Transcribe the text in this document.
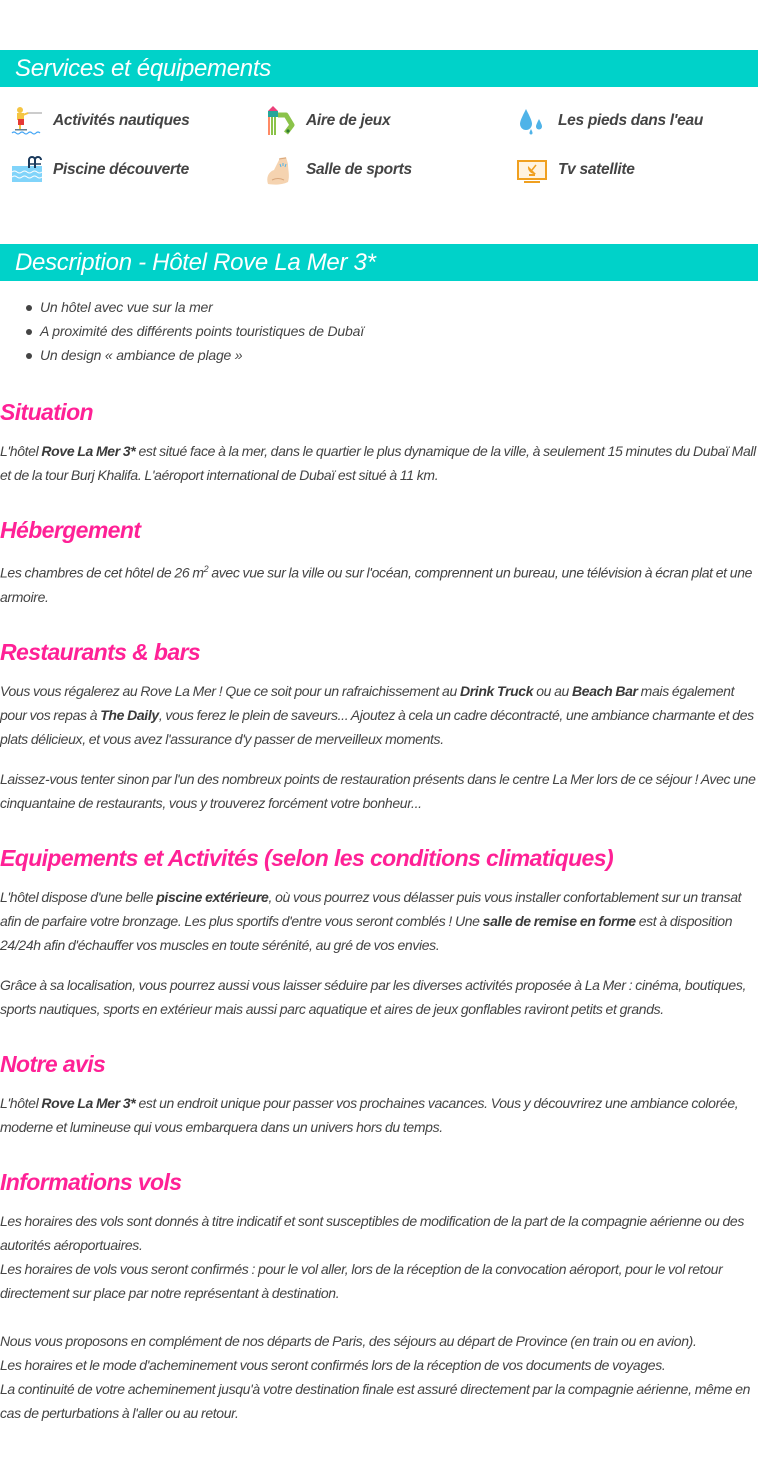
Services et équipements
Activités nautiques	Aire de jeux	Les pieds dans l'eau
Piscine découverte	Salle de sports	Tv satellite
Description - Hôtel Rove La Mer 3*
Un hôtel avec vue sur la mer
A proximité des différents points touristiques de Dubaï
Un design « ambiance de plage »
Situation

L'hôtel Rove La Mer 3* est situé face à la mer, dans le quartier le plus dynamique de la ville, à seulement 15 minutes du Dubaï Mall et de la tour Burj Khalifa. L'aéroport international de Dubaï est situé à 11 km.

Hébergement

Les chambres de cet hôtel de 26 $m^2$ avec vue sur la ville ou sur l'océan, comprennent un bureau, une télévision à écran plat et une armoire.

Restaurants & bars

Vous vous régalerez au Rove La Mer ! Que ce soit pour un rafraichissement au Drink Truck ou au Beach Bar mais également pour vos repas à The Daily, vous ferez le plein de saveurs... Ajoutez à cela un cadre décontracté, une ambiance charmante et des plats délicieux, et vous avez l'assurance d'y passer de merveilleux moments.

Laissez-vous tenter sinon par l'un des nombreux points de restauration présents dans le centre La Mer lors de ce séjour ! Avec une cinquantaine de restaurants, vous y trouverez forcément votre bonheur...

Equipements et Activités (selon les conditions climatiques)

L'hôtel dispose d'une belle piscine extérieure, où vous pourrez vous délasser puis vous installer confortablement sur un transat afin de parfaire votre bronzage. Les plus sportifs d'entre vous seront comblés ! Une salle de remise en forme est à disposition 24/24h afin d'échauffer vos muscles en toute sérénité, au gré de vos envies.

Grâce à sa localisation, vous pourrez aussi vous laisser séduire par les diverses activités proposée à La Mer : cinéma, boutiques, sports nautiques, sports en extérieur mais aussi parc aquatique et aires de jeux gonflables raviront petits et grands.

Notre avis

L'hôtel Rove La Mer 3* est un endroit unique pour passer vos prochaines vacances. Vous y découvrirez une ambiance colorée, moderne et lumineuse qui vous embarquera dans un univers hors du temps.

Informations vols

Les horaires des vols sont donnés à titre indicatif et sont susceptibles de modification de la part de la compagnie aérienne ou des autorités aéroportuaires.

Les horaires de vols vous seront confirmés : pour le vol aller, lors de la réception de la convocation aéroport, pour le vol retour directement sur place par notre représentant à destination.

Nous vous proposons en complément de nos départs de Paris, des séjours au départ de Province (en train ou en avion).

Les horaires et le mode d'acheminement vous seront confirmés lors de la réception de vos documents de voyages.

La continuité de votre acheminement jusqu'à votre destination finale est assuré directement par la compagnie aérienne, même en cas de perturbations à l'aller ou au retour.
